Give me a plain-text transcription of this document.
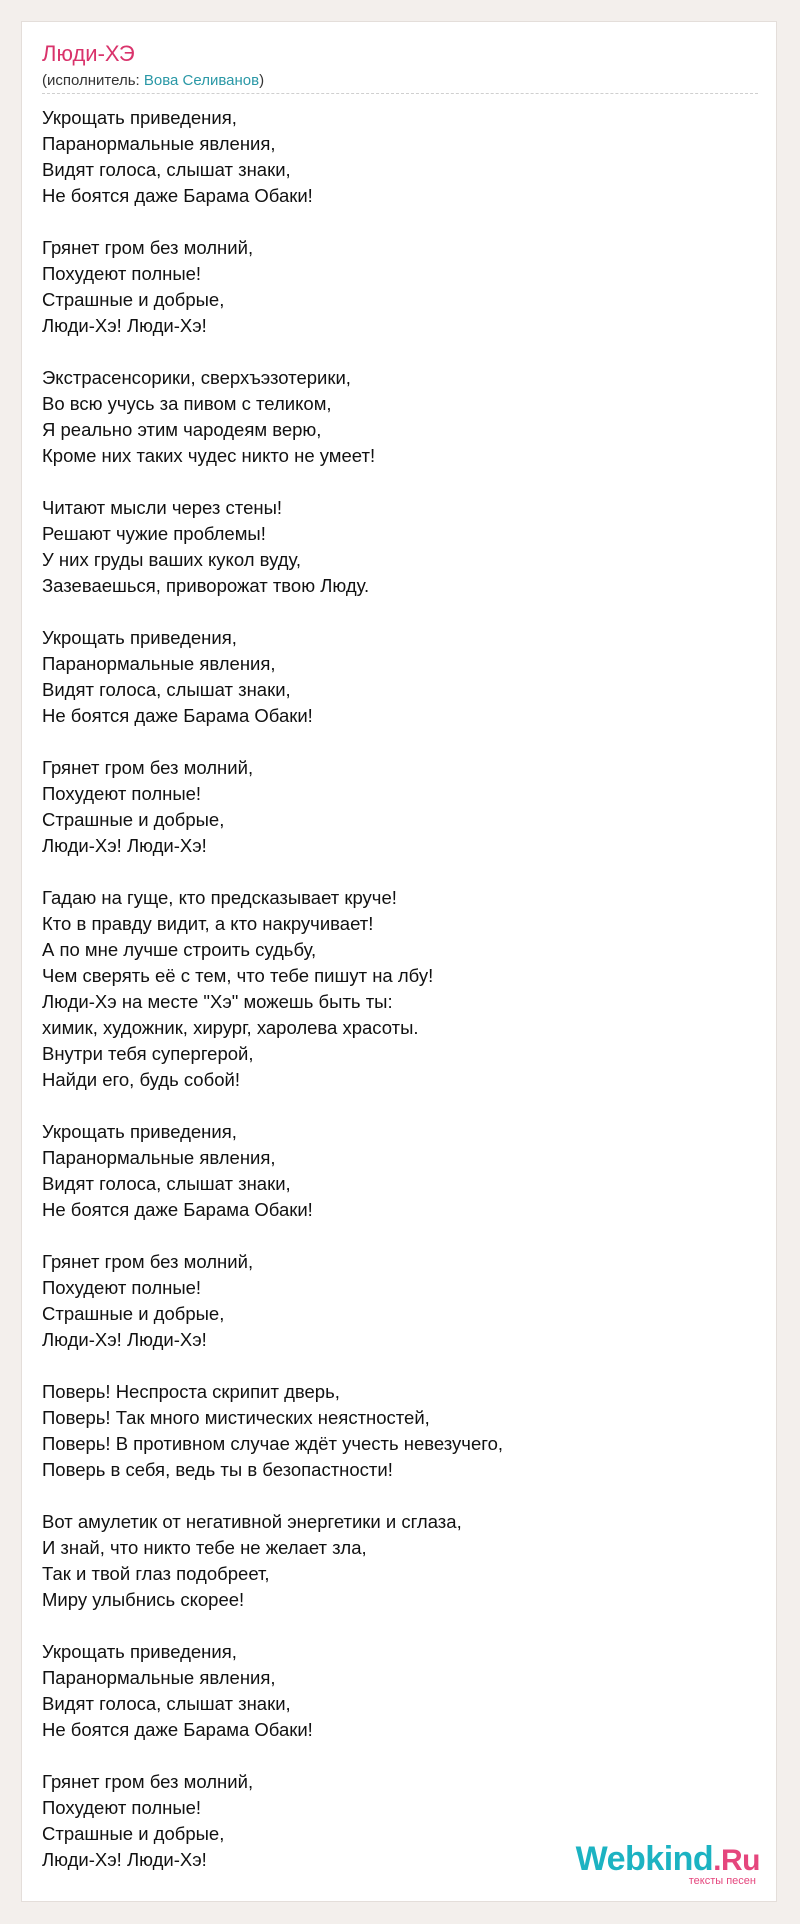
Люди-ХЭ
(исполнитель: Вова Селиванов)
Укрощать приведения,
Паранормальные явления,
Видят голоса, слышат знаки,
Не боятся даже Барама Обаки!
Грянет гром без молний,
Похудеют полные!
Страшные и добрые,
Люди-Хэ! Люди-Хэ!
Экстрасенсорики, сверхъэзотерики,
Во всю учусь за пивом с теликом,
Я реально этим чародеям верю,
Кроме них таких чудес никто не умеет!
Читают мысли через стены!
Решают чужие проблемы!
У них груды ваших кукол вуду,
Зазеваешься, приворожат твою Люду.
Укрощать приведения,
Паранормальные явления,
Видят голоса, слышат знаки,
Не боятся даже Барама Обаки!
Грянет гром без молний,
Похудеют полные!
Страшные и добрые,
Люди-Хэ! Люди-Хэ!
Гадаю на гуще, кто предсказывает круче!
Кто в правду видит, а кто накручивает!
А по мне лучше строить судьбу,
Чем сверять её с тем, что тебе пишут на лбу!
Люди-Хэ на месте "Хэ" можешь быть ты:
химик, художник, хирург, харолева храсоты.
Внутри тебя супергерой,
Найди его, будь собой!
Укрощать приведения,
Паранормальные явления,
Видят голоса, слышат знаки,
Не боятся даже Барама Обаки!
Грянет гром без молний,
Похудеют полные!
Страшные и добрые,
Люди-Хэ! Люди-Хэ!
Поверь! Неспроста скрипит дверь,
Поверь! Так много мистических неястностей,
Поверь! В противном случае ждёт учесть невезучего,
Поверь в себя, ведь ты в безопастности!
Вот амулетик от негативной энергетики и сглаза,
И знай, что никто тебе не желает зла,
Так и твой глаз подобреет,
Миру улыбнись скорее!
Укрощать приведения,
Паранормальные явления,
Видят голоса, слышат знаки,
Не боятся даже Барама Обаки!
Грянет гром без молний,
Похудеют полные!
Страшные и добрые,
Люди-Хэ! Люди-Хэ!	Webkind.Ru
тексты песен
